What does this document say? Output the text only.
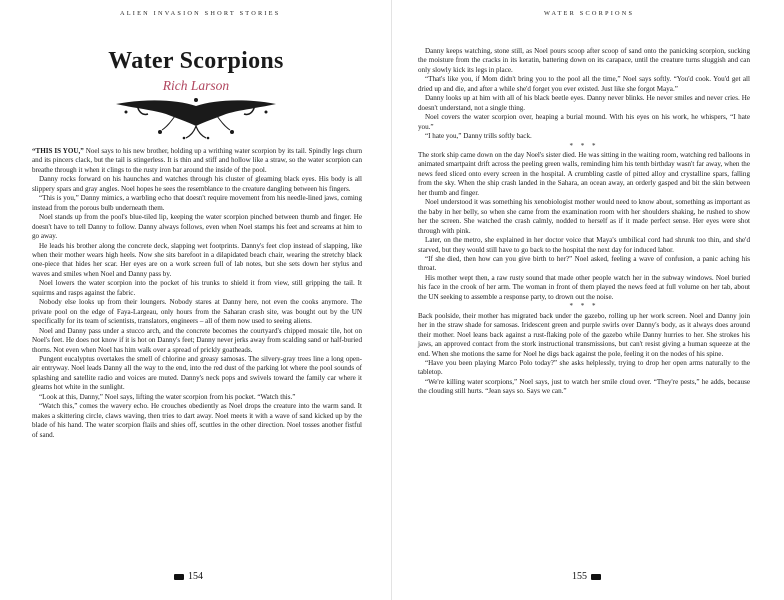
ALIEN INVASION SHORT STORIES
Water Scorpions
Rich Larson

“THIS IS YOU,” Noel says to his new brother, holding up a writhing water scorpion by its tail. Spindly legs churn and its pincers clack, but the tail is stingerless. It is thin and stiff and hollow like a straw, so the water scorpion can breathe through it when it clings to the rusty iron bar around the inside of the pool.

Danny rocks forward on his haunches and watches through his cluster of gleaming black eyes. His body is all slippery spars and gray angles. Noel hopes he sees the resemblance to the creature dangling between his fingers.

“This is you,” Danny mimics, a warbling echo that doesn't require movement from his needle-lined jaws, coming instead from the porous bulb underneath them.

Noel stands up from the pool's blue-tiled lip, keeping the water scorpion pinched between thumb and finger. He doesn't have to tell Danny to follow. Danny always follows, even when Noel stamps his feet and screams at him to go away.

He leads his brother along the concrete deck, slapping wet footprints. Danny's feet clop instead of slapping, like when their mother wears high heels. Now she sits barefoot in a dilapidated beach chair, wearing the stretchy black one-piece that hides her scar. Her eyes are on a work screen full of lab notes, but she sets down her stylus and waves and smiles when Noel and Danny pass by.

Noel lowers the water scorpion into the pocket of his trunks to shield it from view, still gripping the tail. It squirms and rasps against the fabric.

Nobody else looks up from their loungers. Nobody stares at Danny here, not even the cooks anymore. The private pool on the edge of Faya-Largeau, only hours from the Saharan crash site, was bought out by the UN specifically for its team of scientists, translators, engineers – all of them now used to seeing aliens.

Noel and Danny pass under a stucco arch, and the concrete becomes the courtyard's chipped mosaic tile, hot on Noel's feet. He does not know if it is hot on Danny's feet; Danny never jerks away from scalding sand or half-buried thorns. Not even when Noel has him walk over a spread of prickly goatheads.

Pungent eucalyptus overtakes the smell of chlorine and greasy samosas. The silvery-gray trees line a long open-air entryway. Noel leads Danny all the way to the end, into the red dust of the parking lot where the pool sounds of splashing and satellite radio and voices are muted. Danny's neck pops and swivels toward the family car where it gleams hot white in the sunlight.

“Look at this, Danny,” Noel says, lifting the water scorpion from his pocket. “Watch this.”

“Watch this,” comes the wavery echo. He crouches obediently as Noel drops the creature into the warm sand. It makes a skittering circle, claws waving, then tries to dart away. Noel meets it with a wave of sand kicked up by the blade of his hand. The water scorpion flails and shies off, scuttles in the other direction. Noel tosses another fistful of sand.

154
WATER SCORPIONS

Danny keeps watching, stone still, as Noel pours scoop after scoop of sand onto the panicking scorpion, sucking the moisture from the cracks in its keratin, battering down on its carapace, until the creature turns sluggish and can only slowly kick its legs in place.

“That's like you, if Mom didn't bring you to the pool all the time,” Noel says softly. “You'd cook. You'd get all dried up and die, and after a while she'd forget you ever existed. Just like she forgot Maya.”

Danny looks up at him with all of his black beetle eyes. Danny never blinks. He never smiles and never cries. He doesn't understand, not a single thing.

Noel covers the water scorpion over, heaping a burial mound. With his eyes on his work, he whispers, “I hate you.”

“I hate you,” Danny trills softly back.

* * *

The stork ship came down on the day Noel's sister died. He was sitting in the waiting room, watching red balloons in animated smartpaint drift across the peeling green walls, reminding him his tenth birthday wasn't far away, when the news feed sliced onto every screen in the hospital. A crumbling castle of pitted alloy and crystalline spars, falling from the sky. When the ship crash landed in the Sahara, an ocean away, an orderly gasped and bit the skin between her thumb and finger.

Noel understood it was something his xenobiologist mother would need to know about, something as important as the baby in her belly, so when she came from the examination room with her shoulders shaking, he rushed to show her the screen. She watched the crash calmly, nodded to herself as if it made perfect sense. Her eyes were shot through with pink.

Later, on the metro, she explained in her doctor voice that Maya's umbilical cord had shrunk too thin, and she'd starved, but they would still have to go back to the hospital the next day for induced labor.

“If she died, then how can you give birth to her?” Noel asked, feeling a wave of confusion, a panic aching his throat.

His mother wept then, a raw rusty sound that made other people watch her in the subway windows. Noel buried his face in the crook of her arm. The woman in front of them played the news feed at full volume on her tab, about the UN seeking to assemble a response party, to drown out the noise.

* * *

Back poolside, their mother has migrated back under the gazebo, rolling up her work screen. Noel and Danny join her in the straw shade for samosas. Iridescent green and purple swirls over Danny's body, as it always does around their mother. Noel leans back against a rust-flaking pole of the gazebo while Danny hurries to her. She strokes his jaws, an approved contact from the stork instructional transmissions, but can't resist giving a human squeeze at the end. When she motions the same for Noel he digs back against the pole, feeling it on the nodes of his spine.

“Have you been playing Marco Polo today?” she asks helplessly, trying to drop her open arms naturally to the tabletop.

“We're killing water scorpions,” Noel says, just to watch her smile cloud over. “They're pests,” he adds, because the clouding still hurts. “Jean says so. Says we can.”

155
